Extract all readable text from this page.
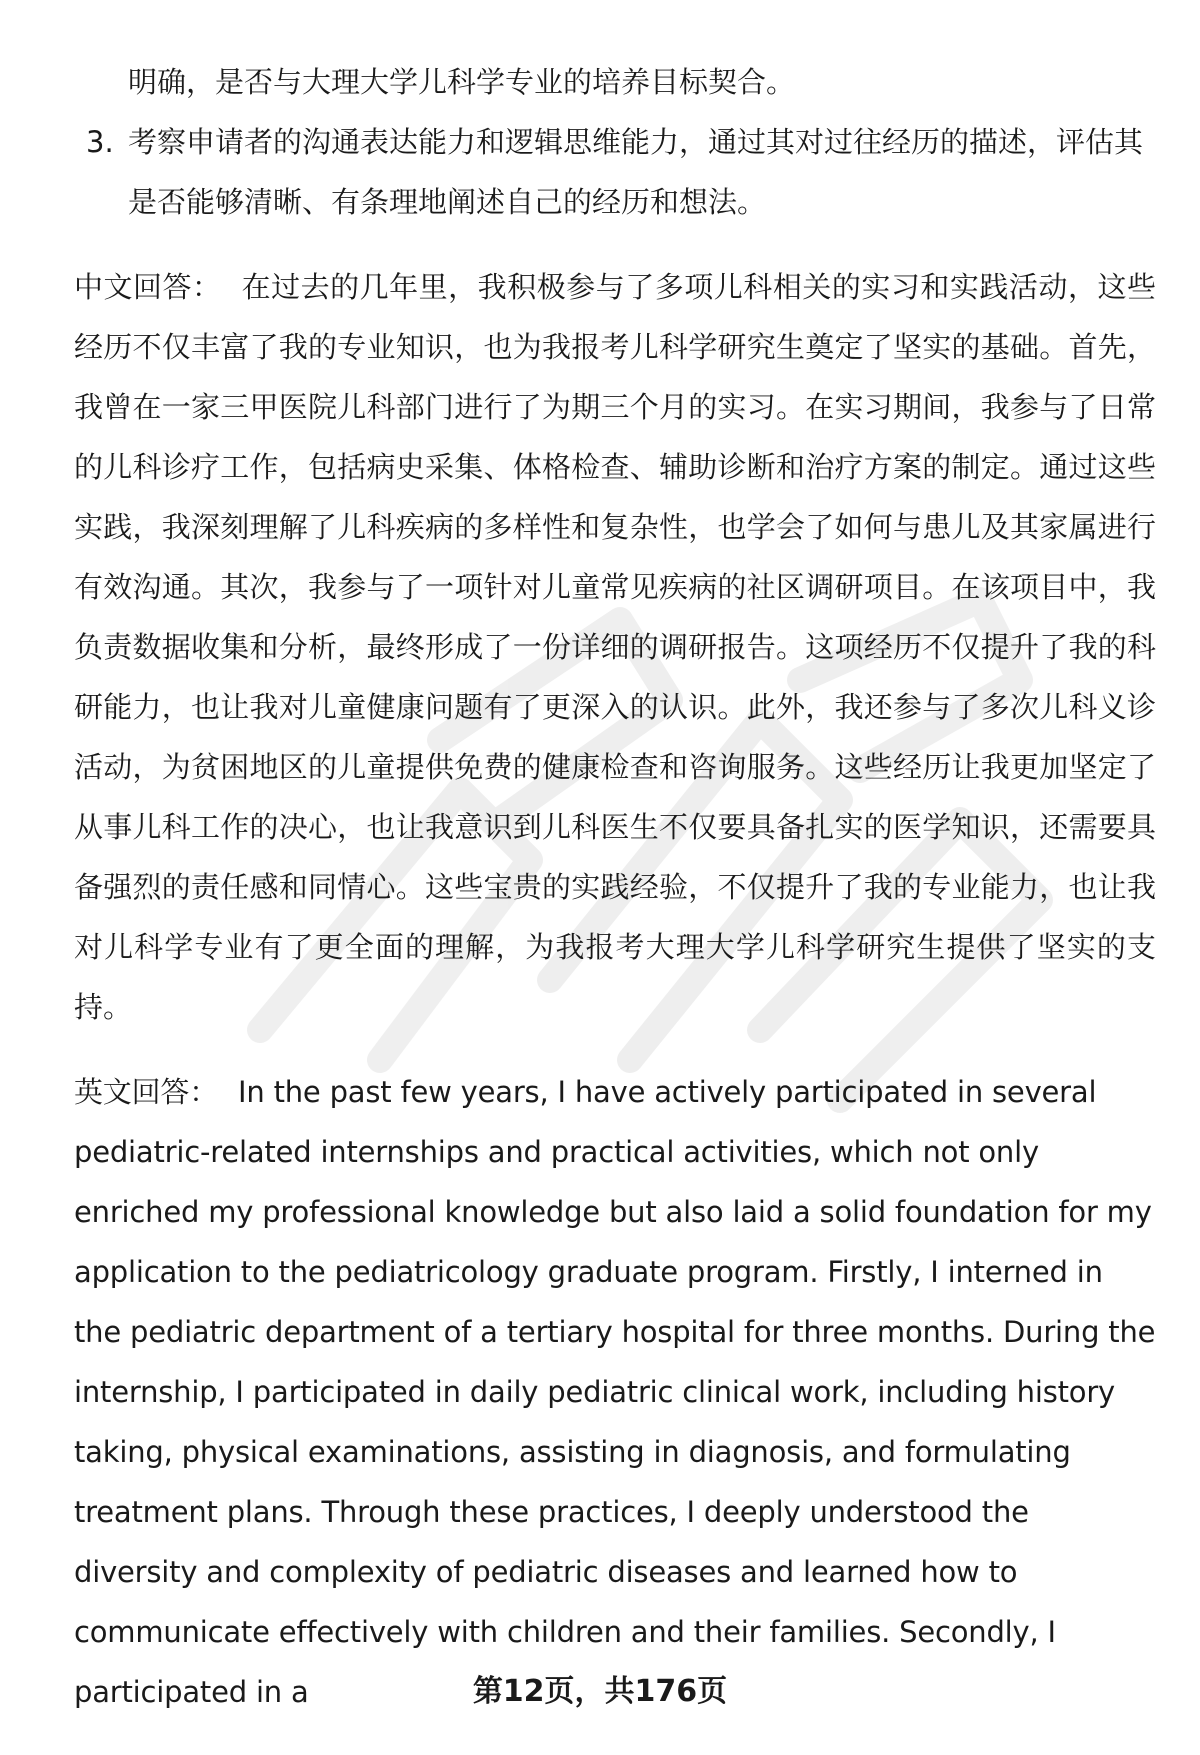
明确，是否与大理大学儿科学专业的培养目标契合。
3. 考察申请者的沟通表达能力和逻辑思维能力，通过其对过往经历的描述，评估其是否能够清晰、有条理地阐述自己的经历和想法。

中文回答： 在过去的几年里，我积极参与了多项儿科相关的实习和实践活动，这些经历不仅丰富了我的专业知识，也为我报考儿科学研究生奠定了坚实的基础。首先，我曾在一家三甲医院儿科部门进行了为期三个月的实习。在实习期间，我参与了日常的儿科诊疗工作，包括病史采集、体格检查、辅助诊断和治疗方案的制定。通过这些实践，我深刻理解了儿科疾病的多样性和复杂性，也学会了如何与患儿及其家属进行有效沟通。其次，我参与了一项针对儿童常见疾病的社区调研项目。在该项目中，我负责数据收集和分析，最终形成了一份详细的调研报告。这项经历不仅提升了我的科研能力，也让我对儿童健康问题有了更深入的认识。此外，我还参与了多次儿科义诊活动，为贫困地区的儿童提供免费的健康检查和咨询服务。这些经历让我更加坚定了从事儿科工作的决心，也让我意识到儿科医生不仅要具备扎实的医学知识，还需要具备强烈的责任感和同情心。这些宝贵的实践经验，不仅提升了我的专业能力，也让我对儿科学专业有了更全面的理解，为我报考大理大学儿科学研究生提供了坚实的支持。

英文回答： In the past few years, I have actively participated in several pediatric-related internships and practical activities, which not only enriched my professional knowledge but also laid a solid foundation for my application to the pediatricology graduate program. Firstly, I interned in the pediatric department of a tertiary hospital for three months. During the internship, I participated in daily pediatric clinical work, including history taking, physical examinations, assisting in diagnosis, and formulating treatment plans. Through these practices, I deeply understood the diversity and complexity of pediatric diseases and learned how to communicate effectively with children and their families. Secondly, I participated in a	第12页，共176页
